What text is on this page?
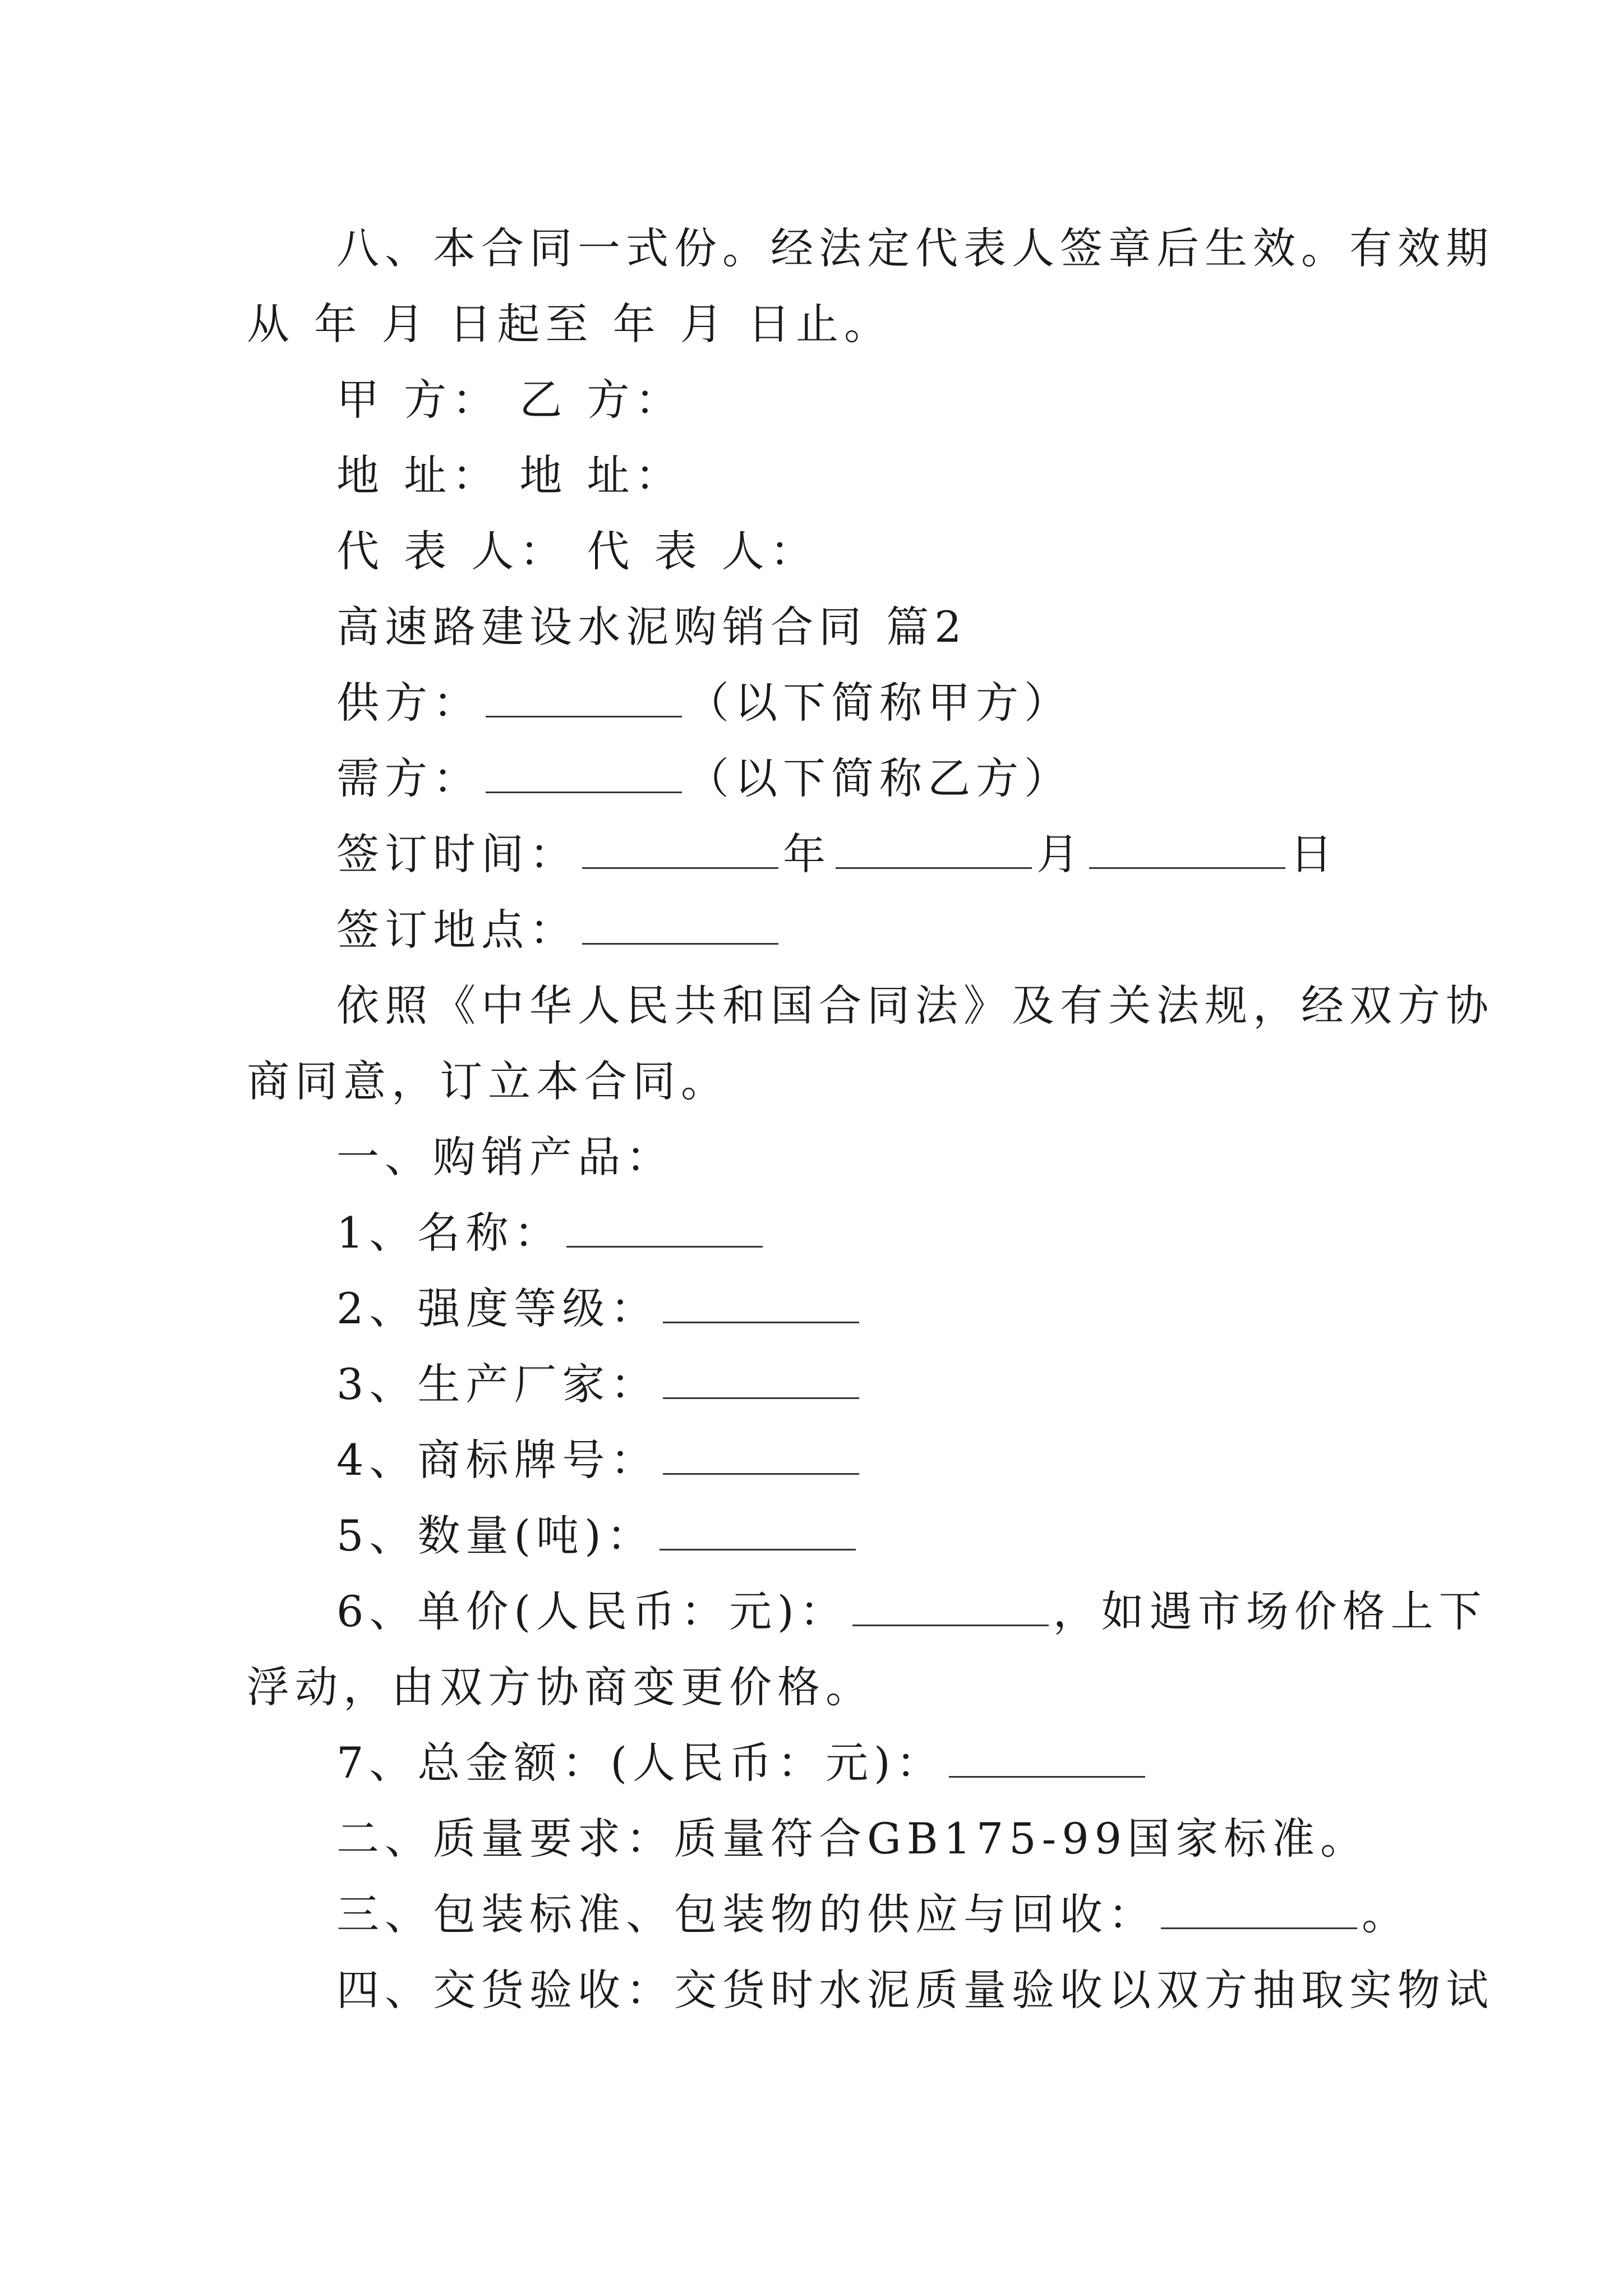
八、本合同一式份。经法定代表人签章后生效。有效期
从 年 月 日起至 年 月 日止。
甲 方： 乙 方：
地 址： 地 址：
代 表 人： 代 表 人：
高速路建设水泥购销合同 篇2
供方：	（以下简称甲方）
需方：	（以下简称乙方）
签订时间：	年	月	日
签订地点：
依照《中华人民共和国合同法》及有关法规，经双方协
商同意，订立本合同。
一、购销产品：
1、名称：
2、强度等级：
3、生产厂家：
4、商标牌号：
5、数量(吨)：
6、单价(人民币：元)：	，如遇市场价格上下
浮动，由双方协商变更价格。
7、总金额：(人民币：元)：
二、质量要求：质量符合GB175-99国家标准。
三、包装标准、包装物的供应与回收：	。
四、交货验收：交货时水泥质量验收以双方抽取实物试
